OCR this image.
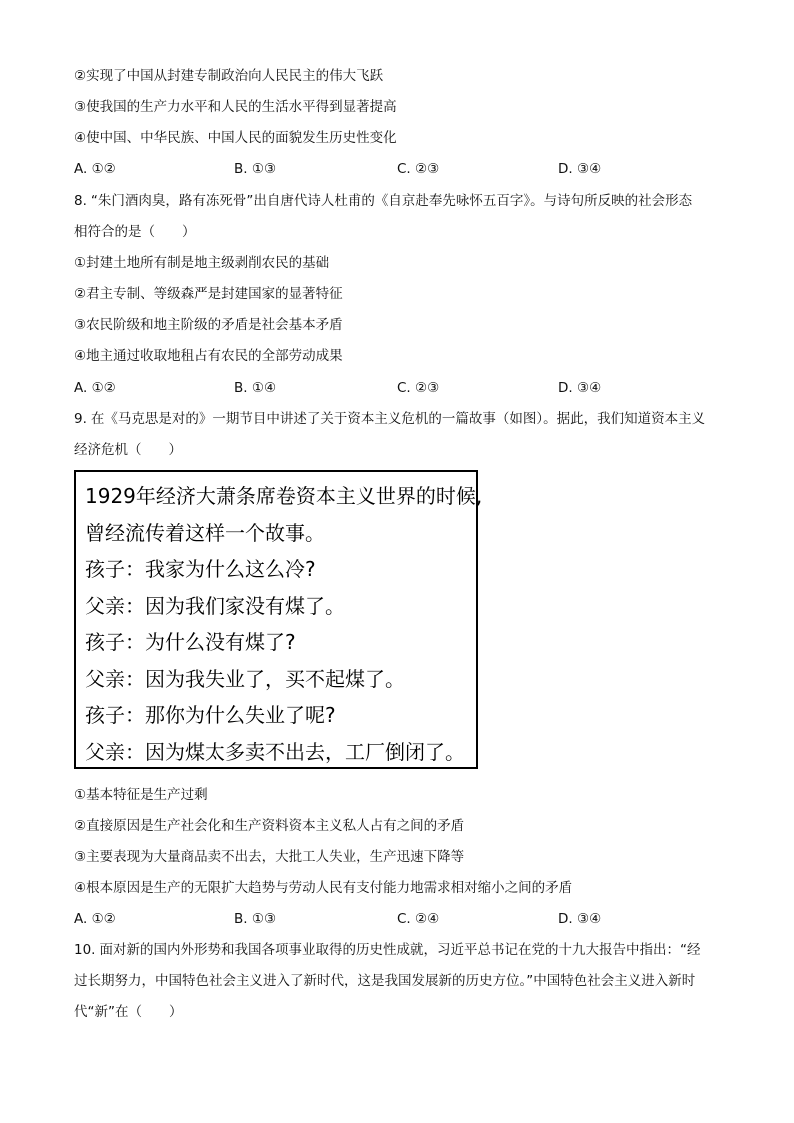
②实现了中国从封建专制政治向人民民主的伟大飞跃
③使我国的生产力水平和人民的生活水平得到显著提高
④使中国、中华民族、中国人民的面貌发生历史性变化
A. ①②	B. ①③	C. ②③	D. ③④
8. “朱门酒肉臭，路有冻死骨”出自唐代诗人杜甫的《自京赴奉先咏怀五百字》。与诗句所反映的社会形态
相符合的是（　　）
①封建土地所有制是地主级剥削农民的基础
②君主专制、等级森严是封建国家的显著特征
③农民阶级和地主阶级的矛盾是社会基本矛盾
④地主通过收取地租占有农民的全部劳动成果
A. ①②	B. ①④	C. ②③	D. ③④
9. 在《马克思是对的》一期节目中讲述了关于资本主义危机的一篇故事（如图）。据此，我们知道资本主义
经济危机（　　）
1929年经济大萧条席卷资本主义世界的时候,
曾经流传着这样一个故事。
孩子：我家为什么这么冷?
父亲：因为我们家没有煤了。
孩子：为什么没有煤了?
父亲：因为我失业了，买不起煤了。
孩子：那你为什么失业了呢?
父亲：因为煤太多卖不出去，工厂倒闭了。
①基本特征是生产过剩
②直接原因是生产社会化和生产资料资本主义私人占有之间的矛盾
③主要表现为大量商品卖不出去，大批工人失业，生产迅速下降等
④根本原因是生产的无限扩大趋势与劳动人民有支付能力地需求相对缩小之间的矛盾
A. ①②	B. ①③	C. ②④	D. ③④
10. 面对新的国内外形势和我国各项事业取得的历史性成就，习近平总书记在党的十九大报告中指出：“经
过长期努力，中国特色社会主义进入了新时代，这是我国发展新的历史方位。”中国特色社会主义进入新时
代“新”在（　　）
